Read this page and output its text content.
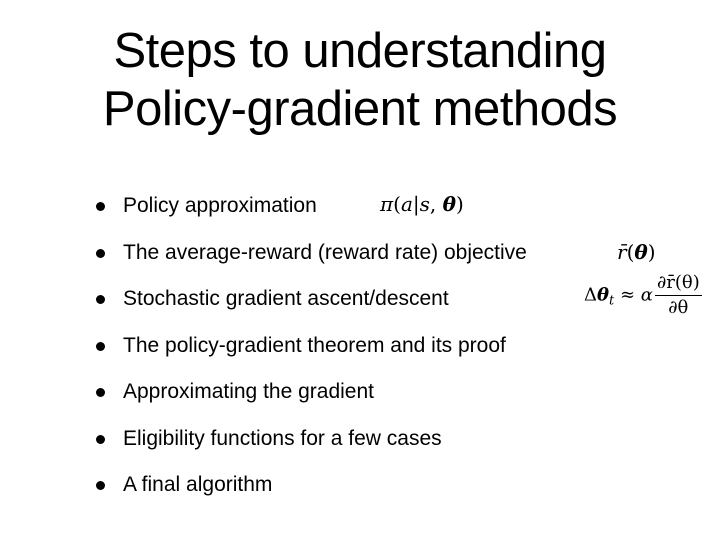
Steps to understanding
Policy-gradient methods
Policy approximation
The average-reward (reward rate) objective
Stochastic gradient ascent/descent
The policy-gradient theorem and its proof
Approximating the gradient
Eligibility functions for a few cases
A final algorithm
π(a|s, θ)
r̄(θ)
$\Delta\theta_t \approx \alpha \frac{\partial r̄(\theta)}{\partial\theta}$
